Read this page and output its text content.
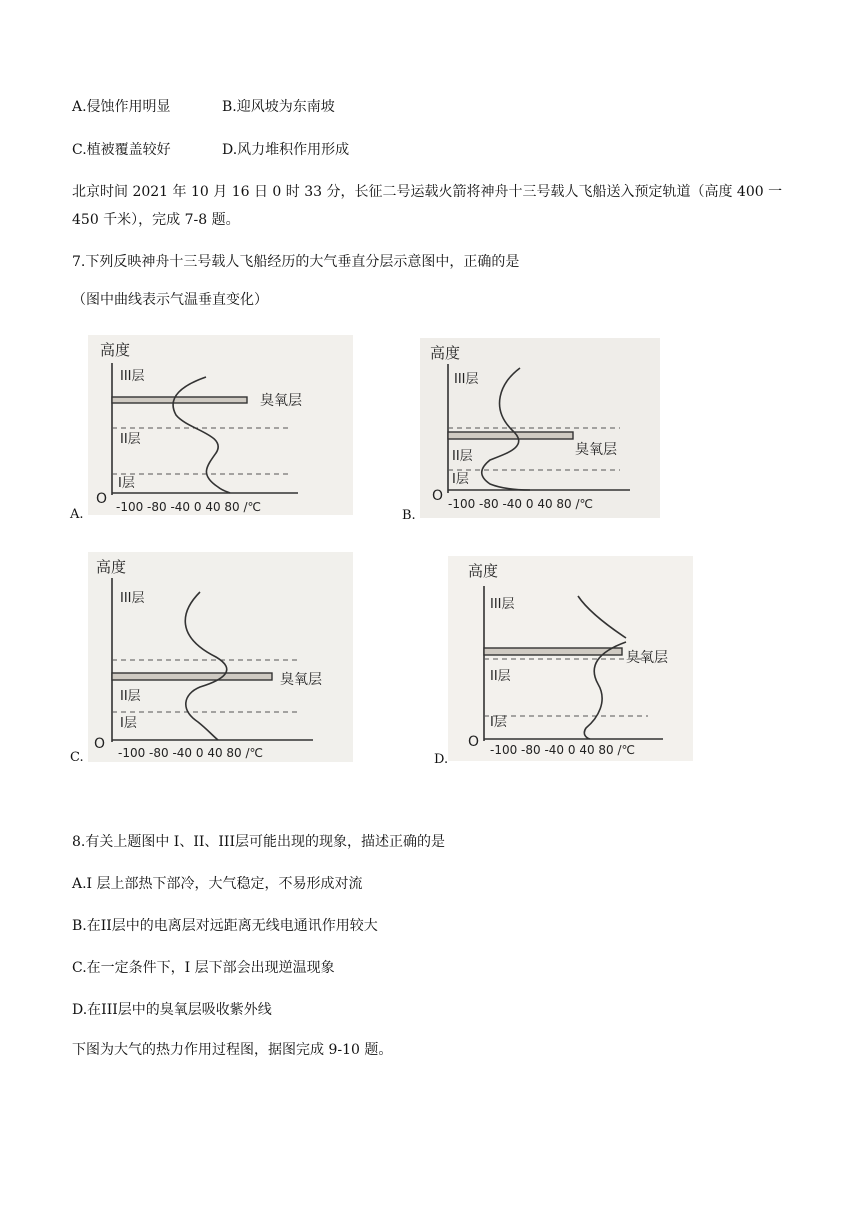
A.侵蚀作用明显	B.迎风坡为东南坡
C.植被覆盖较好	D.风力堆积作用形成
北京时间 2021 年 10 月 16 日 0 时 33 分，长征二号运载火箭将神舟十三号载人飞船送入预定轨道（高度 400 一 450 千米），完成 7-8 题。
7.下列反映神舟十三号载人飞船经历的大气垂直分层示意图中，正确的是
（图中曲线表示气温垂直变化）
高度
O
III层
臭氧层
II层
I层
-100 -80 -40 0 40 80 /℃
A.
高度
O
III层
臭氧层
II层
I层
-100 -80 -40 0 40 80 /℃
B.
高度
O
III层
臭氧层
II层
I层
-100 -80 -40 0 40 80 /℃
C.
高度
O
III层
臭氧层
II层
I层
-100 -80 -40 0 40 80 /℃
D.
8.有关上题图中 I、II、III层可能出现的现象，描述正确的是
A.I 层上部热下部冷，大气稳定，不易形成对流
B.在II层中的电离层对远距离无线电通讯作用较大
C.在一定条件下，I 层下部会出现逆温现象
D.在III层中的臭氧层吸收紫外线
下图为大气的热力作用过程图，据图完成 9-10 题。
